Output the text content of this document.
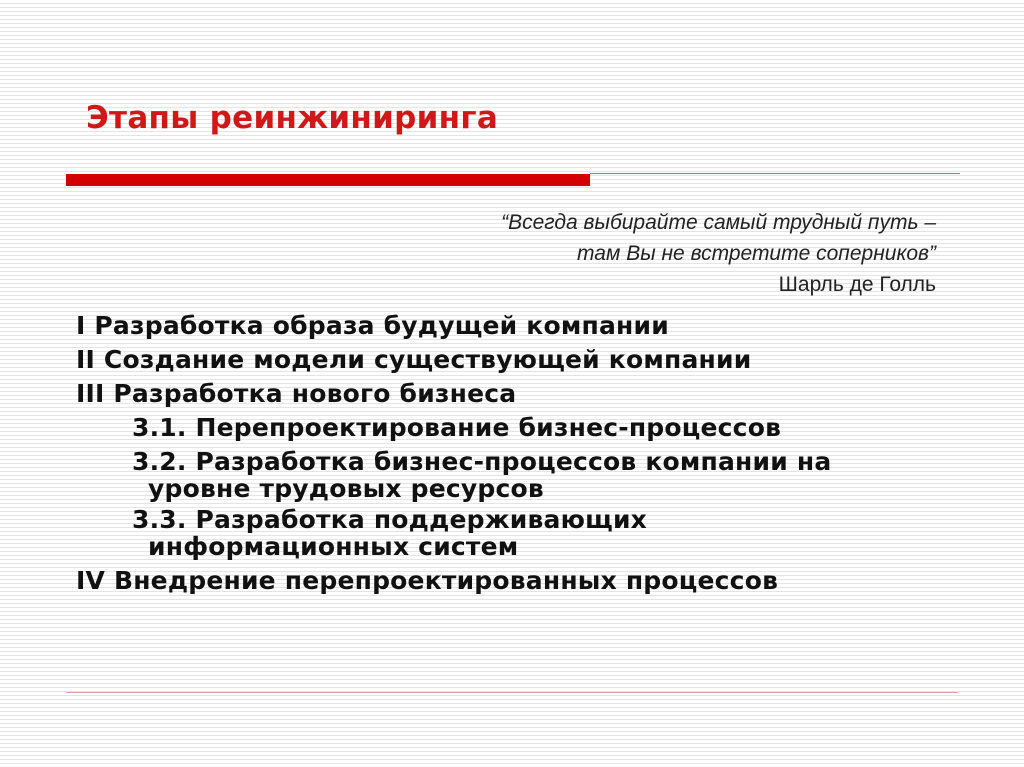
Этапы реинжиниринга
“Всегда выбирайте самый трудный путь –
там Вы не встретите соперников”
Шарль де Голль
I Разработка образа будущей компании
II Создание модели существующей компании
III Разработка нового бизнеса
3.1. Перепроектирование бизнес-процессов
3.2. Разработка бизнес-процессов компании на
уровне трудовых ресурсов
3.3. Разработка поддерживающих
информационных систем
IV Внедрение перепроектированных процессов
